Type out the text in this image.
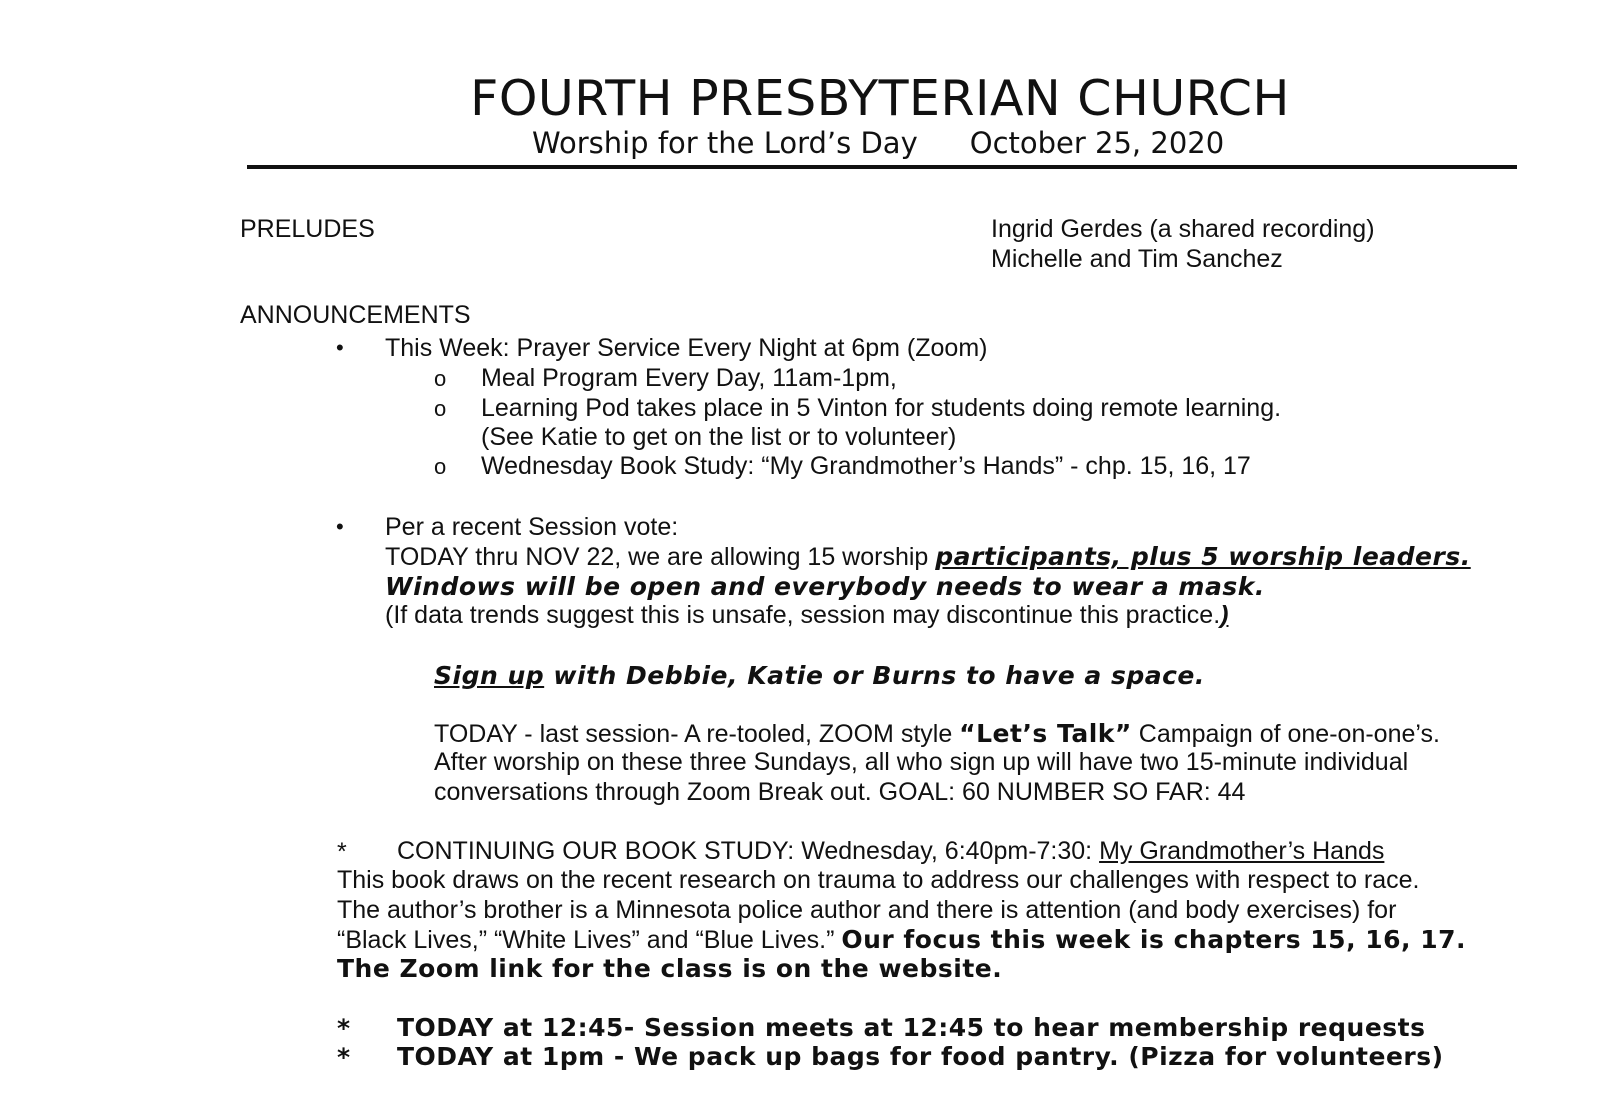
FOURTH PRESBYTERIAN CHURCH
Worship for the Lord’s Day October 25, 2020
PRELUDES	Ingrid Gerdes (a shared recording)
Michelle and Tim Sanchez
ANNOUNCEMENTS
• This Week: Prayer Service Every Night at 6pm (Zoom)
o Meal Program Every Day, 11am-1pm,
o Learning Pod takes place in 5 Vinton for students doing remote learning.
(See Katie to get on the list or to volunteer)
o Wednesday Book Study: “My Grandmother’s Hands” - chp. 15, 16, 17
• Per a recent Session vote:
TODAY thru NOV 22, we are allowing 15 worship participants, plus 5 worship leaders.
Windows will be open and everybody needs to wear a mask.
(If data trends suggest this is unsafe, session may discontinue this practice.)
Sign up with Debbie, Katie or Burns to have a space.
TODAY - last session- A re-tooled, ZOOM style “Let’s Talk” Campaign of one-on-one’s.
After worship on these three Sundays, all who sign up will have two 15-minute individual
conversations through Zoom Break out. GOAL: 60 NUMBER SO FAR: 44
* CONTINUING OUR BOOK STUDY: Wednesday, 6:40pm-7:30: My Grandmother’s Hands
This book draws on the recent research on trauma to address our challenges with respect to race.
The author’s brother is a Minnesota police author and there is attention (and body exercises) for
“Black Lives,” “White Lives” and “Blue Lives.” Our focus this week is chapters 15, 16, 17.
The Zoom link for the class is on the website.
* TODAY at 12:45- Session meets at 12:45 to hear membership requests
* TODAY at 1pm - We pack up bags for food pantry. (Pizza for volunteers)
